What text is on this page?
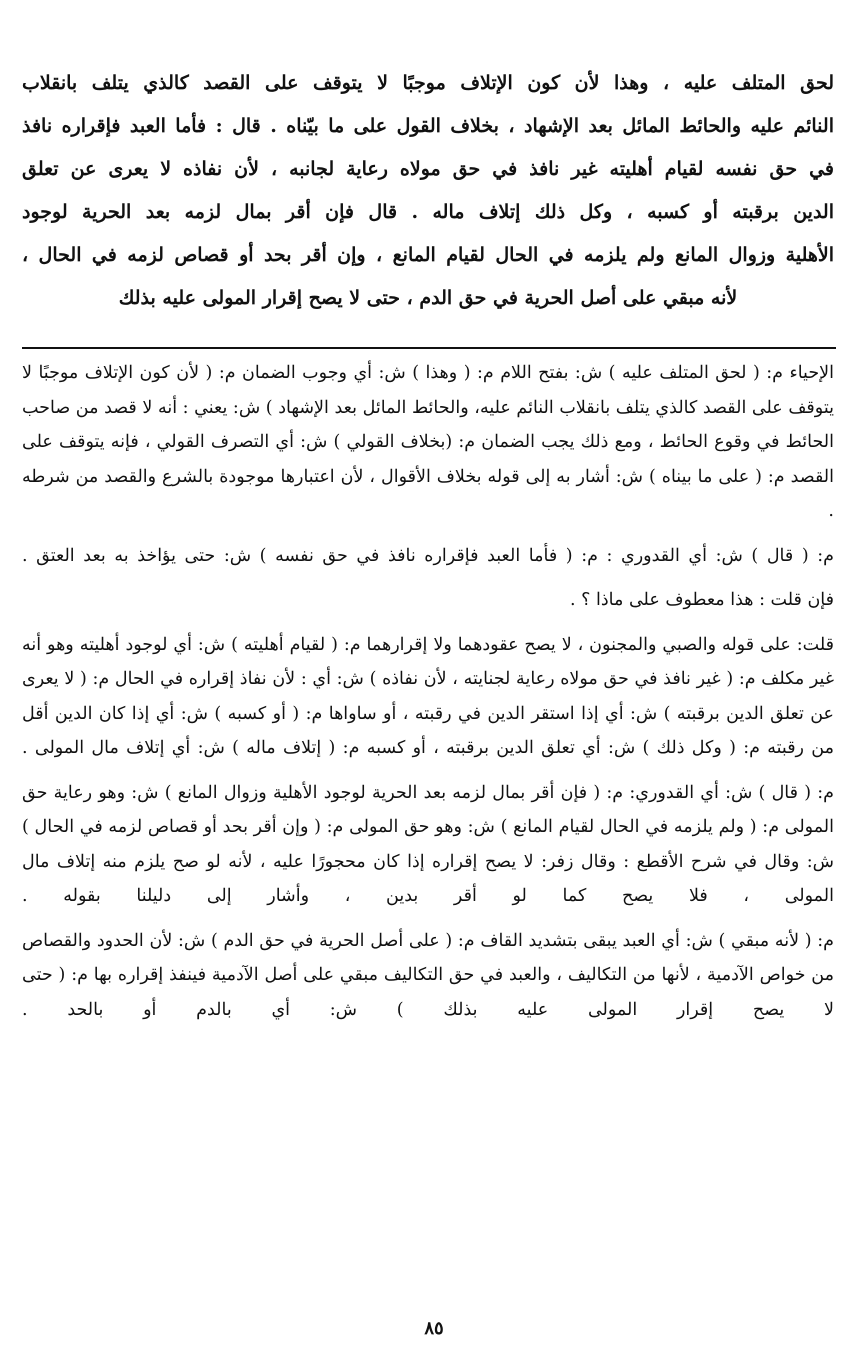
لحق المتلف عليه ، وهذا لأن كون الإتلاف موجبًا لا يتوقف على القصد كالذي يتلف بانقلاب

النائم عليه والحائط المائل بعد الإشهاد ، بخلاف القول على ما بيّناه . قال : فأما العبد فإقراره نافذ

في حق نفسه لقيام أهليته غير نافذ في حق مولاه رعاية لجانبه ، لأن نفاذه لا يعرى عن تعلق

الدين برقبته أو كسبه ، وكل ذلك إتلاف ماله . قال فإن أقر بمال لزمه بعد الحرية لوجود

الأهلية وزوال المانع ولم يلزمه في الحال لقيام المانع ، وإن أقر بحد أو قصاص لزمه في الحال ،

لأنه مبقي على أصل الحرية في حق الدم ، حتى لا يصح إقرار المولى عليه بذلك

الإحياء م: ( لحق المتلف عليه ) ش: بفتح اللام م: ( وهذا ) ش: أي وجوب الضمان م: ( لأن كون الإتلاف موجبًا لا يتوقف على القصد كالذي يتلف بانقلاب النائم عليه، والحائط المائل بعد الإشهاد ) ش: يعني : أنه لا قصد من صاحب الحائط في وقوع الحائط ، ومع ذلك يجب الضمان م: (بخلاف القولي ) ش: أي التصرف القولي ، فإنه يتوقف على القصد م: ( على ما بيناه ) ش: أشار به إلى قوله بخلاف الأقوال ، لأن اعتبارها موجودة بالشرع والقصد من شرطه .

م: ( قال ) ش: أي القدوري : م: ( فأما العبد فإقراره نافذ في حق نفسه ) ش: حتى يؤاخذ به بعد العتق .

فإن قلت : هذا معطوف على ماذا ؟ .

قلت: على قوله والصبي والمجنون ، لا يصح عقودهما ولا إقرارهما م: ( لقيام أهليته ) ش: أي لوجود أهليته وهو أنه غير مكلف م: ( غير نافذ في حق مولاه رعاية لجنايته ، لأن نفاذه ) ش: أي : لأن نفاذ إقراره في الحال م: ( لا يعرى عن تعلق الدين برقبته ) ش: أي إذا استقر الدين في رقبته ، أو ساواها م: ( أو كسبه ) ش: أي إذا كان الدين أقل من رقبته م: ( وكل ذلك ) ش: أي تعلق الدين برقبته ، أو كسبه م: ( إتلاف ماله ) ش: أي إتلاف مال المولى .

م: ( قال ) ش: أي القدوري: م: ( فإن أقر بمال لزمه بعد الحرية لوجود الأهلية وزوال المانع ) ش: وهو رعاية حق المولى م: ( ولم يلزمه في الحال لقيام المانع ) ش: وهو حق المولى م: ( وإن أقر بحد أو قصاص لزمه في الحال ) ش: وقال في شرح الأقطع : وقال زفر: لا يصح إقراره إذا كان محجورًا عليه ، لأنه لو صح يلزم منه إتلاف مال المولى ، فلا يصح كما لو أقر بدين ، وأشار إلى دليلنا بقوله .

م: ( لأنه مبقي ) ش: أي العبد يبقى بتشديد القاف م: ( على أصل الحرية في حق الدم ) ش: لأن الحدود والقصاص من خواص الآدمية ، لأنها من التكاليف ، والعبد في حق التكاليف مبقي على أصل الآدمية فينفذ إقراره بها م: ( حتى لا يصح إقرار المولى عليه بذلك ) ش: أي بالدم أو بالحد .

٨٥
